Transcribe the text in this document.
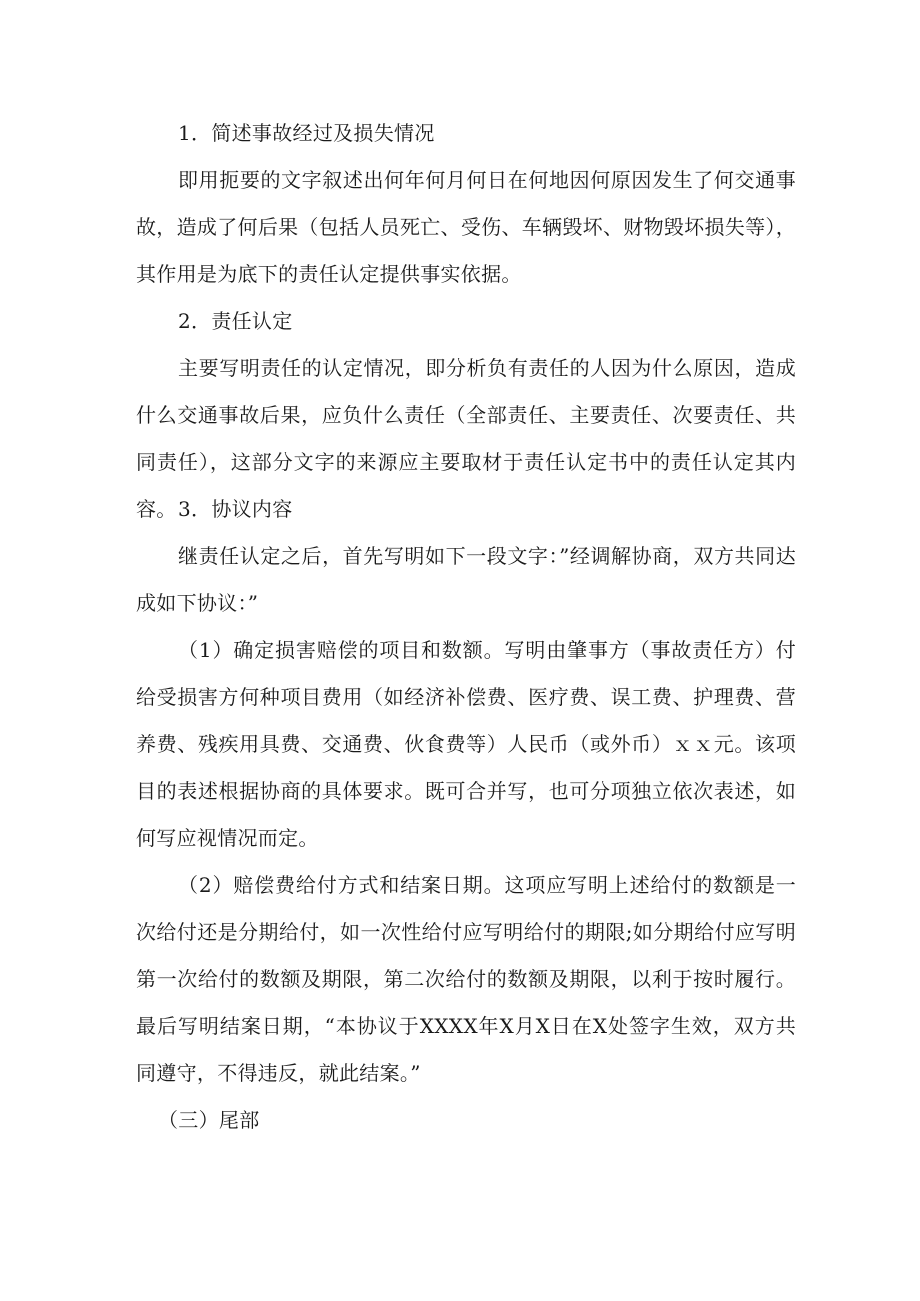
1．简述事故经过及损失情况

即用扼要的文字叙述出何年何月何日在何地因何原因发生了何交通事故，造成了何后果（包括人员死亡、受伤、车辆毁坏、财物毁坏损失等），其作用是为底下的责任认定提供事实依据。

2．责任认定

主要写明责任的认定情况，即分析负有责任的人因为什么原因，造成什么交通事故后果，应负什么责任（全部责任、主要责任、次要责任、共同责任），这部分文字的来源应主要取材于责任认定书中的责任认定其内容。 3．协议内容

继责任认定之后，首先写明如下一段文字：”经调解协商，双方共同达成如下协议：”

（1）确定损害赔偿的项目和数额。写明由肇事方（事故责任方）付给受损害方何种项目费用（如经济补偿费、医疗费、误工费、护理费、营养费、残疾用具费、交通费、伙食费等）人民币（或外币）ｘｘ元。该项目的表述根据协商的具体要求。既可合并写，也可分项独立依次表述，如何写应视情况而定。

（2）赔偿费给付方式和结案日期。这项应写明上述给付的数额是一次给付还是分期给付，如一次性给付应写明给付的期限;如分期给付应写明第一次给付的数额及期限，第二次给付的数额及期限，以利于按时履行。最后写明结案日期，“本协议于XXXX年X月X日在X处签字生效，双方共同遵守，不得违反，就此结案。”

（三）尾部
